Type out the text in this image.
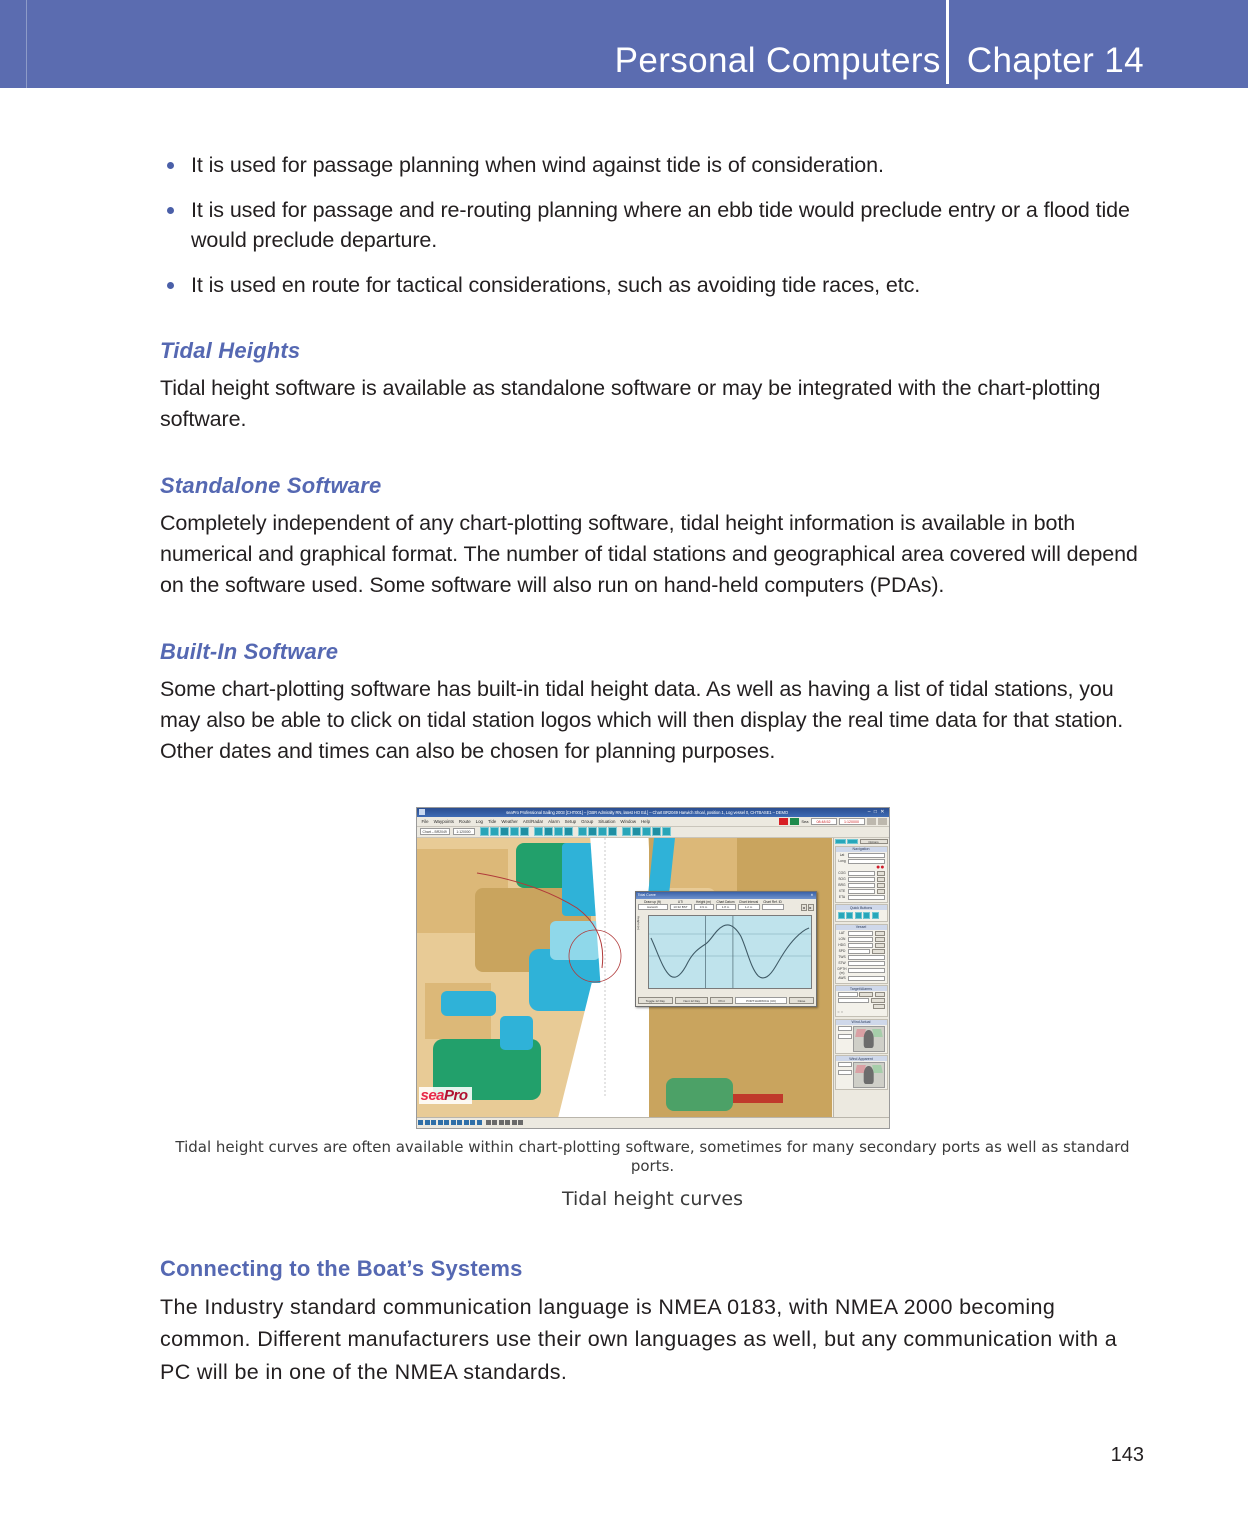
Personal Computers Chapter 14
It is used for passage planning when wind against tide is of consideration.
It is used for passage and re-routing planning where an ebb tide would preclude entry or a flood tide would preclude departure.
It is used en route for tactical considerations, such as avoiding tide races, etc.
Tidal Heights

Tidal height software is available as standalone software or may be integrated with the chart-plotting software.

Standalone Software

Completely independent of any chart-plotting software, tidal height information is available in both numerical and graphical format. The number of tidal stations and geographical area covered will depend on the software used. Some software will also run on hand-held computers (PDAs).

Built-In Software

Some chart-plotting software has built-in tidal height data. As well as having a list of tidal stations, you may also be able to click on tidal station logos which will then display the real time data for that station. Other dates and times can also be chosen for planning purposes.

seaPro Professional Sailing 2003 [CHT001] – [GBR Admiralty RN, latest HO Ed.] – Chart BR2049 Harwich Shoal, position 1, Log vessel 0, CHTBASE1 – DEMO	– □ ✕
File Waypoints Route Log Tide Weather AIS/Radar Alarm Setup Group Situation Window Help	Sea	08:48:52	1:120000
Chart – BR2049	1:120000
seaPro
Tidal Curve	✕
Draw up (ft)
Harwich
UT/
10:32 BST
Height (m)
3.9 m
Chart Datum
1.8 m
Chart Interval
1.2 m
Chart Ref. ID
◄	►
Height (m)
Toggle 12 Day	Next 12 Day	Print	PORT:HARWICH (UK)	Close
Options
Navigation
Lat
Long
●●
COG
SOG
BRG
XTE
ETA
Quick Buttons
Vessel
LAT
LON
HDG
SPD
TWS
STW
DPTH (m)
AWS
Target/Alarms
○ ○
Wind Actual
Wind Apparent
Tidal height curves are often available within chart-plotting software, sometimes for many secondary ports as well as standard ports.
Tidal height curves
Connecting to the Boat’s Systems

The Industry standard communication language is NMEA 0183, with NMEA 2000 becoming common. Different manufacturers use their own languages as well, but any communication with a PC will be in one of the NMEA standards.

143
